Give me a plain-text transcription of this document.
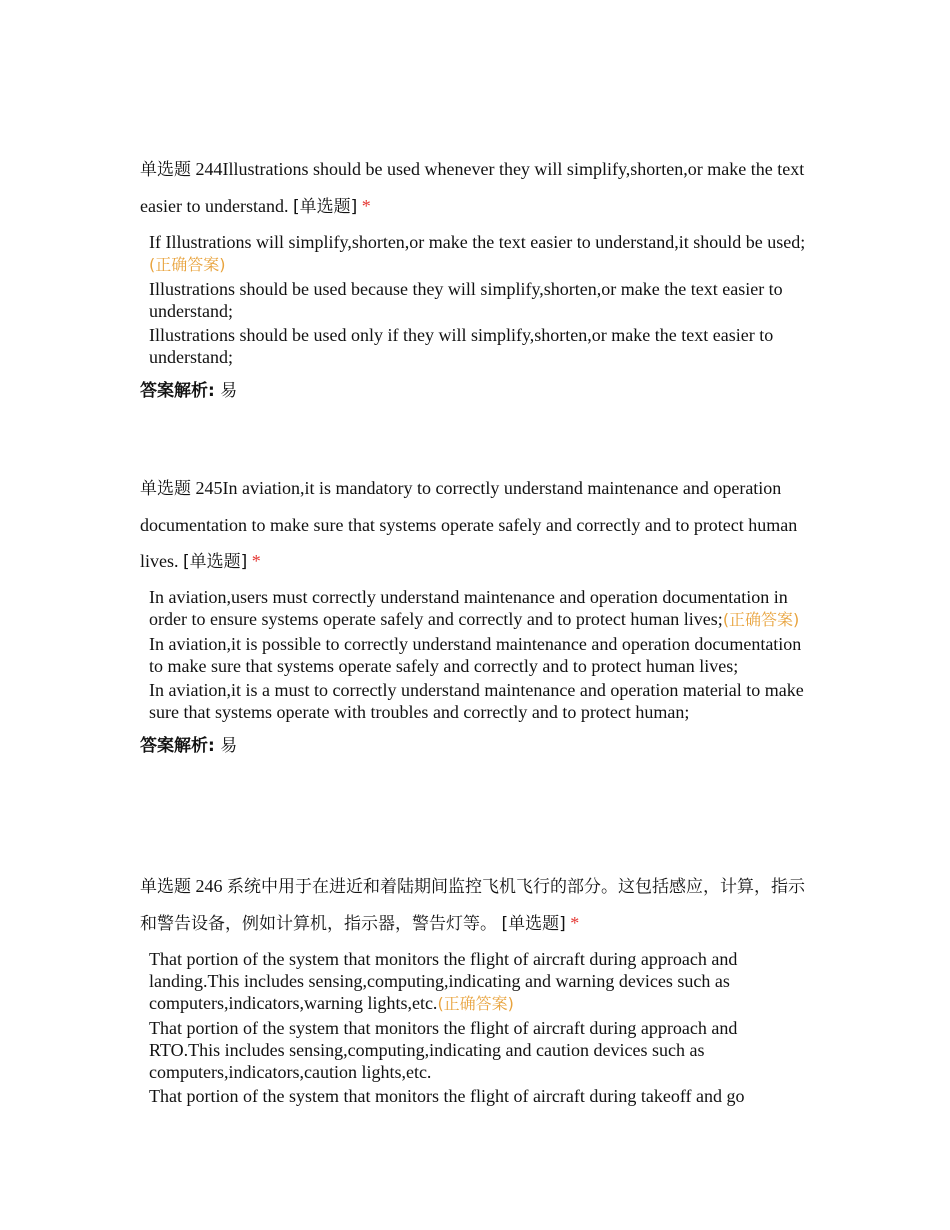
单选题 244Illustrations should be used whenever they will simplify,shorten,or make the text easier to understand. [单选题] *

If Illustrations will simplify,shorten,or make the text easier to understand,it should be used;(正确答案)

Illustrations should be used because they will simplify,shorten,or make the text easier to understand;

Illustrations should be used only if they will simplify,shorten,or make the text easier to understand;

答案解析: 易

单选题 245In aviation,it is mandatory to correctly understand maintenance and operation documentation to make sure that systems operate safely and correctly and to protect human lives. [单选题] *

In aviation,users must correctly understand maintenance and operation documentation in order to ensure systems operate safely and correctly and to protect human lives;(正确答案)

In aviation,it is possible to correctly understand maintenance and operation documentation to make sure that systems operate safely and correctly and to protect human lives;

In aviation,it is a must to correctly understand maintenance and operation material to make sure that systems operate with troubles and correctly and to protect human;

答案解析: 易

单选题 246 系统中用于在进近和着陆期间监控飞机飞行的部分。这包括感应，计算，指示和警告设备，例如计算机，指示器，警告灯等。 [单选题] *

That portion of the system that monitors the flight of aircraft during approach and landing.This includes sensing,computing,indicating and warning devices such as computers,indicators,warning lights,etc.(正确答案)

That portion of the system that monitors the flight of aircraft during approach and RTO.This includes sensing,computing,indicating and caution devices such as computers,indicators,caution lights,etc.

That portion of the system that monitors the flight of aircraft during takeoff and go
